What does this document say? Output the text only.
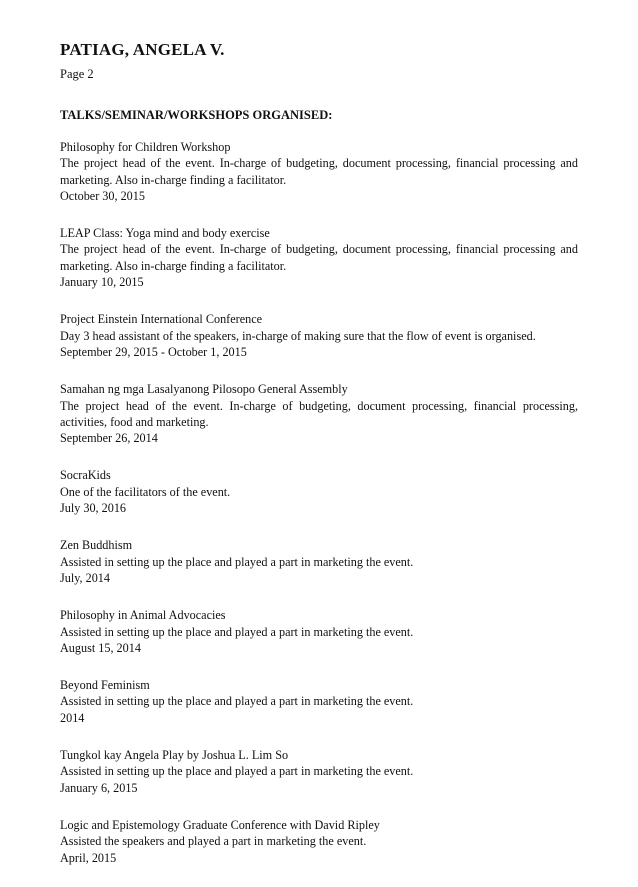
PATIAG, ANGELA V.
Page 2
TALKS/SEMINAR/WORKSHOPS ORGANISED:
Philosophy for Children Workshop
The project head of the event. In-charge of budgeting, document processing, financial processing and marketing. Also in-charge finding a facilitator.
October 30, 2015
LEAP Class: Yoga mind and body exercise
The project head of the event. In-charge of budgeting, document processing, financial processing and marketing. Also in-charge finding a facilitator.
January 10, 2015
Project Einstein International Conference
Day 3 head assistant of the speakers, in-charge of making sure that the flow of event is organised.
September 29, 2015 - October 1, 2015
Samahan ng mga Lasalyanong Pilosopo General Assembly
The project head of the event. In-charge of budgeting, document processing, financial processing, activities, food and marketing.
September 26, 2014
SocraKids
One of the facilitators of the event.
July 30, 2016
Zen Buddhism
Assisted in setting up the place and played a part in marketing the event.
July, 2014
Philosophy in Animal Advocacies
Assisted in setting up the place and played a part in marketing the event.
August 15, 2014
Beyond Feminism
Assisted in setting up the place and played a part in marketing the event.
2014
Tungkol kay Angela Play by Joshua L. Lim So
Assisted in setting up the place and played a part in marketing the event.
January 6, 2015
Logic and Epistemology Graduate Conference with David Ripley
Assisted the speakers and played a part in marketing the event.
April, 2015
